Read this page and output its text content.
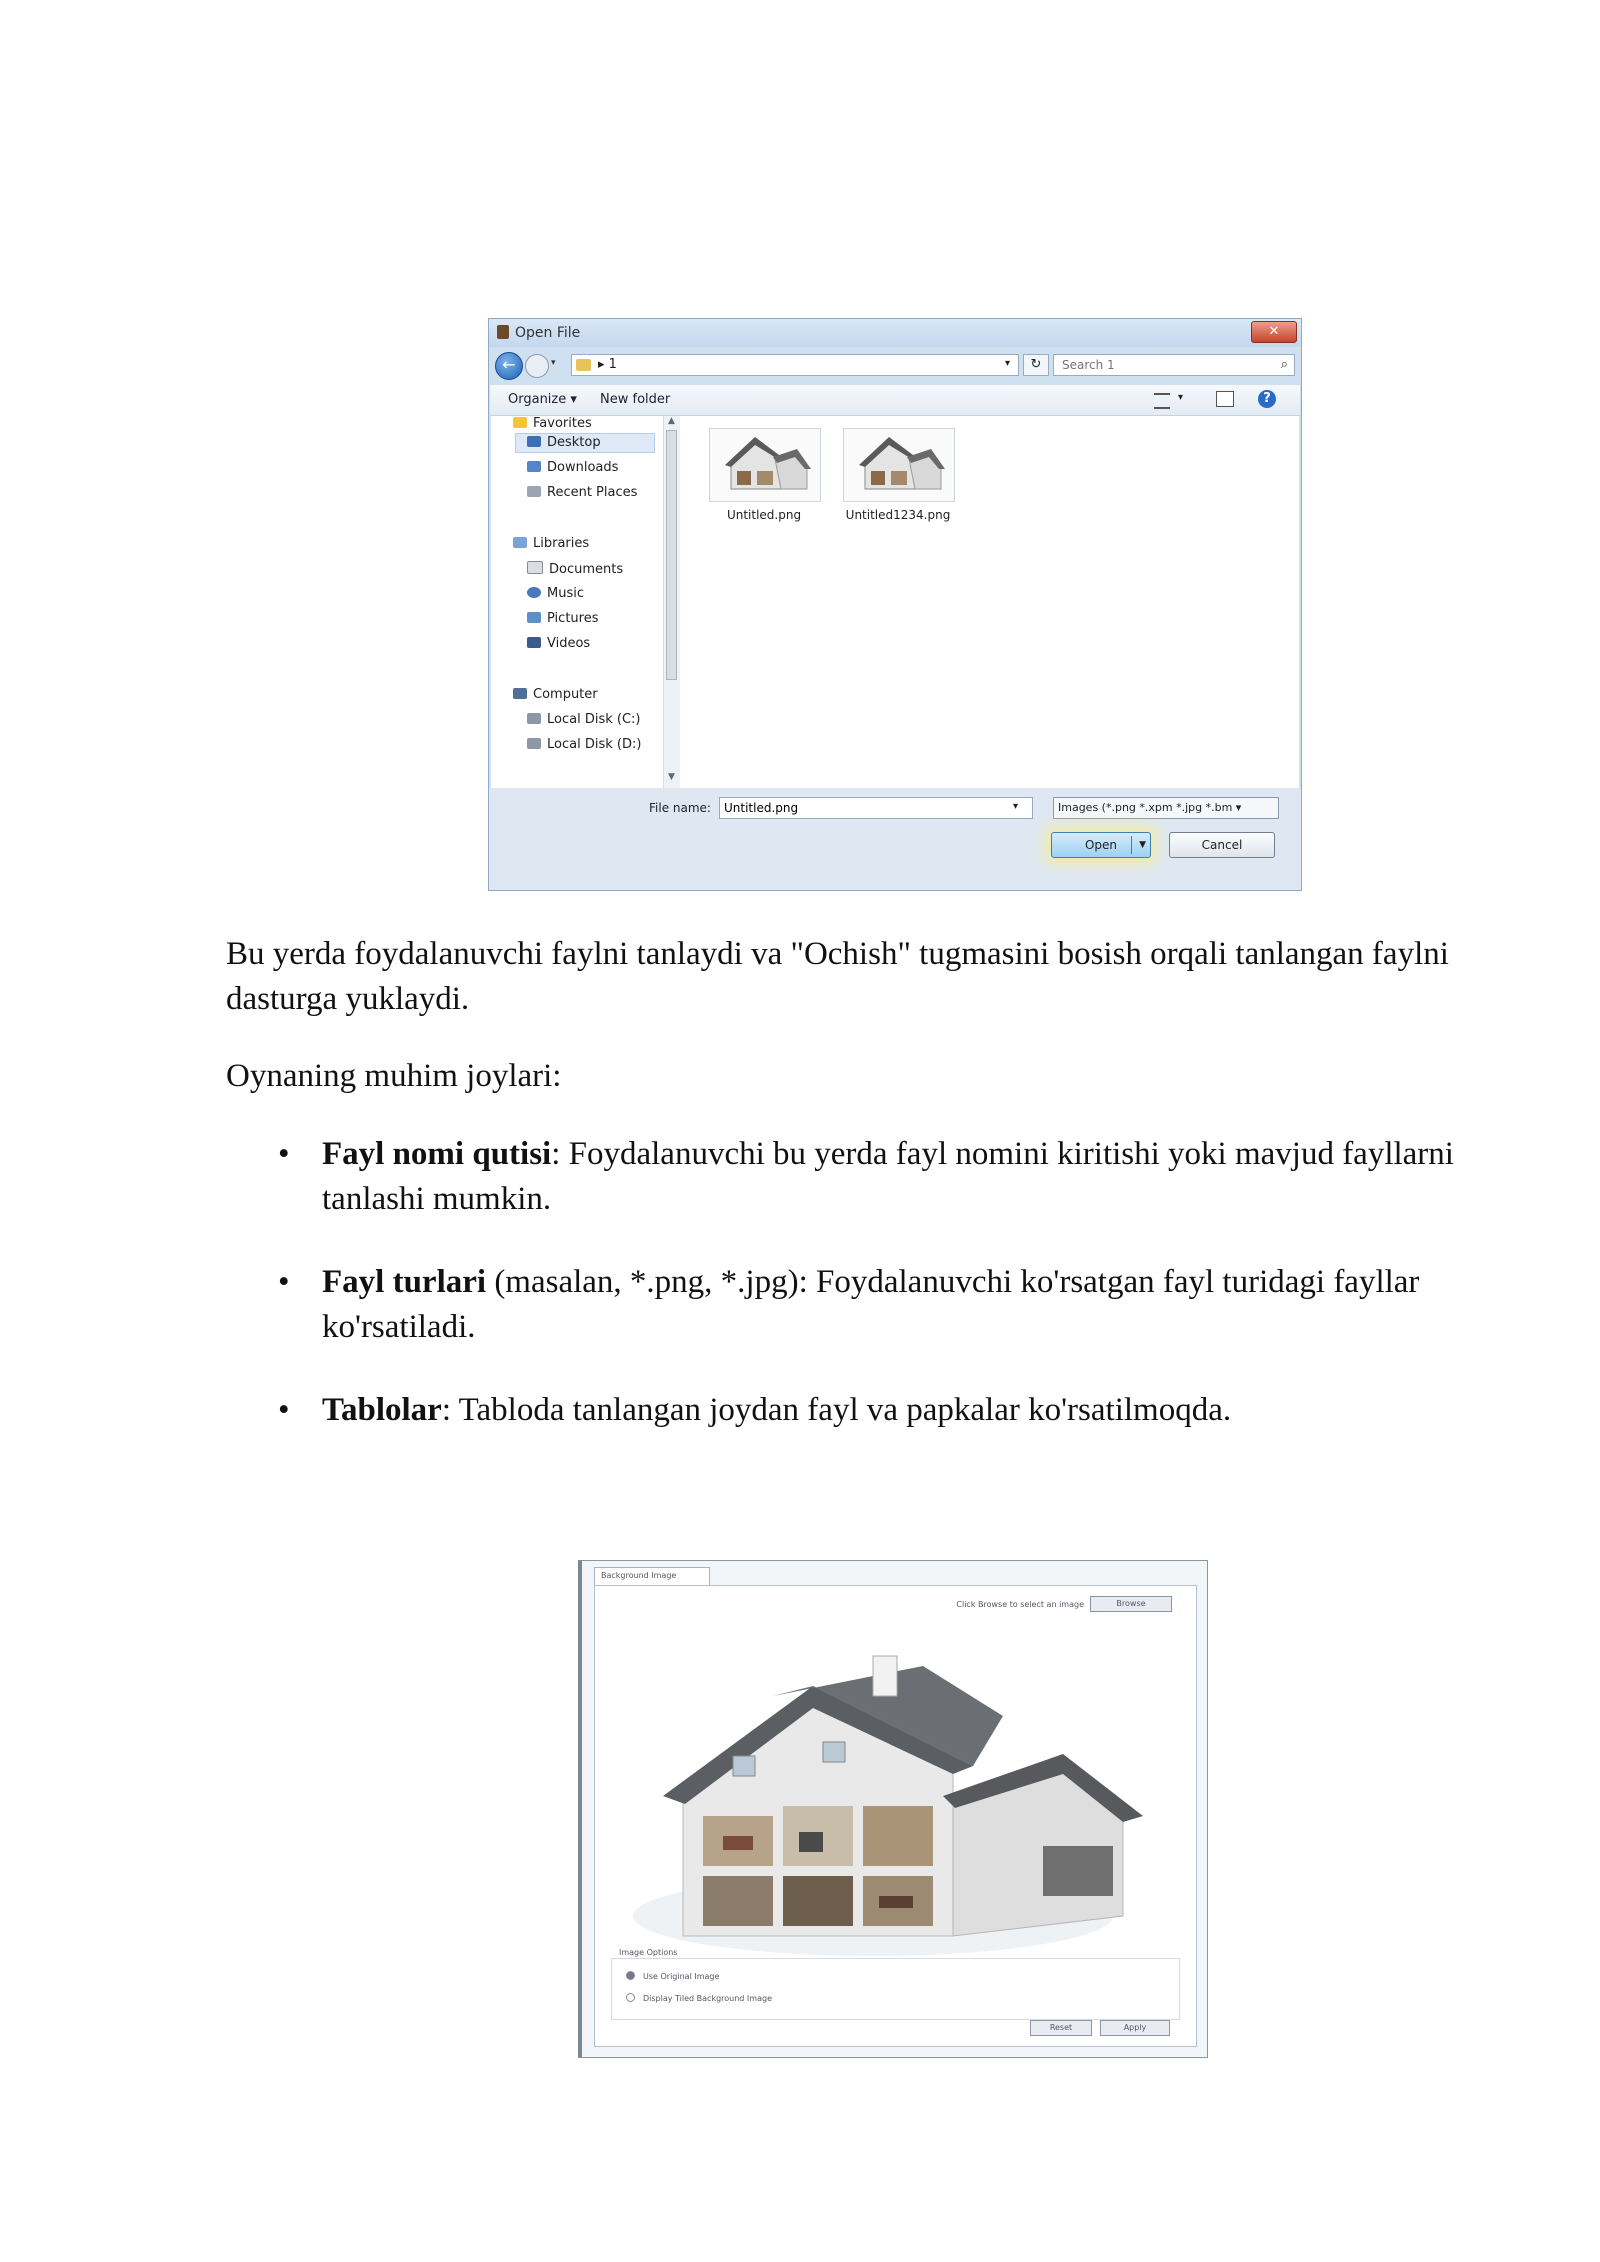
Open File	✕
←	▾	▸ 1	▾	↻
Search 1	⌕
Organize ▾ New folder	▾	?
Favorites
Desktop
Downloads
Recent Places
Libraries
Documents
Music
Pictures
Videos
Computer
Local Disk (C:)
Local Disk (D:)
▲
▼
Untitled.png	Untitled1234.png
File name:
Untitled.png	▾	Images (*.png *.xpm *.jpg *.bm ▾
Open ▼	Cancel

Bu yerda foydalanuvchi faylni tanlaydi va "Ochish" tugmasini bosish orqali tanlangan faylni dasturga yuklaydi.

Oynaning muhim joylari:

• Fayl nomi qutisi: Foydalanuvchi bu yerda fayl nomini kiritishi yoki mavjud fayllarni tanlashi mumkin.
• Fayl turlari (masalan, *.png, *.jpg): Foydalanuvchi ko'rsatgan fayl turidagi fayllar ko'rsatiladi.
• Tablolar: Tabloda tanlangan joydan fayl va papkalar ko'rsatilmoqda.
Background Image
Click Browse to select an image	Browse
Image Options
Use Original Image
Display Tiled Background Image
Reset	Apply
